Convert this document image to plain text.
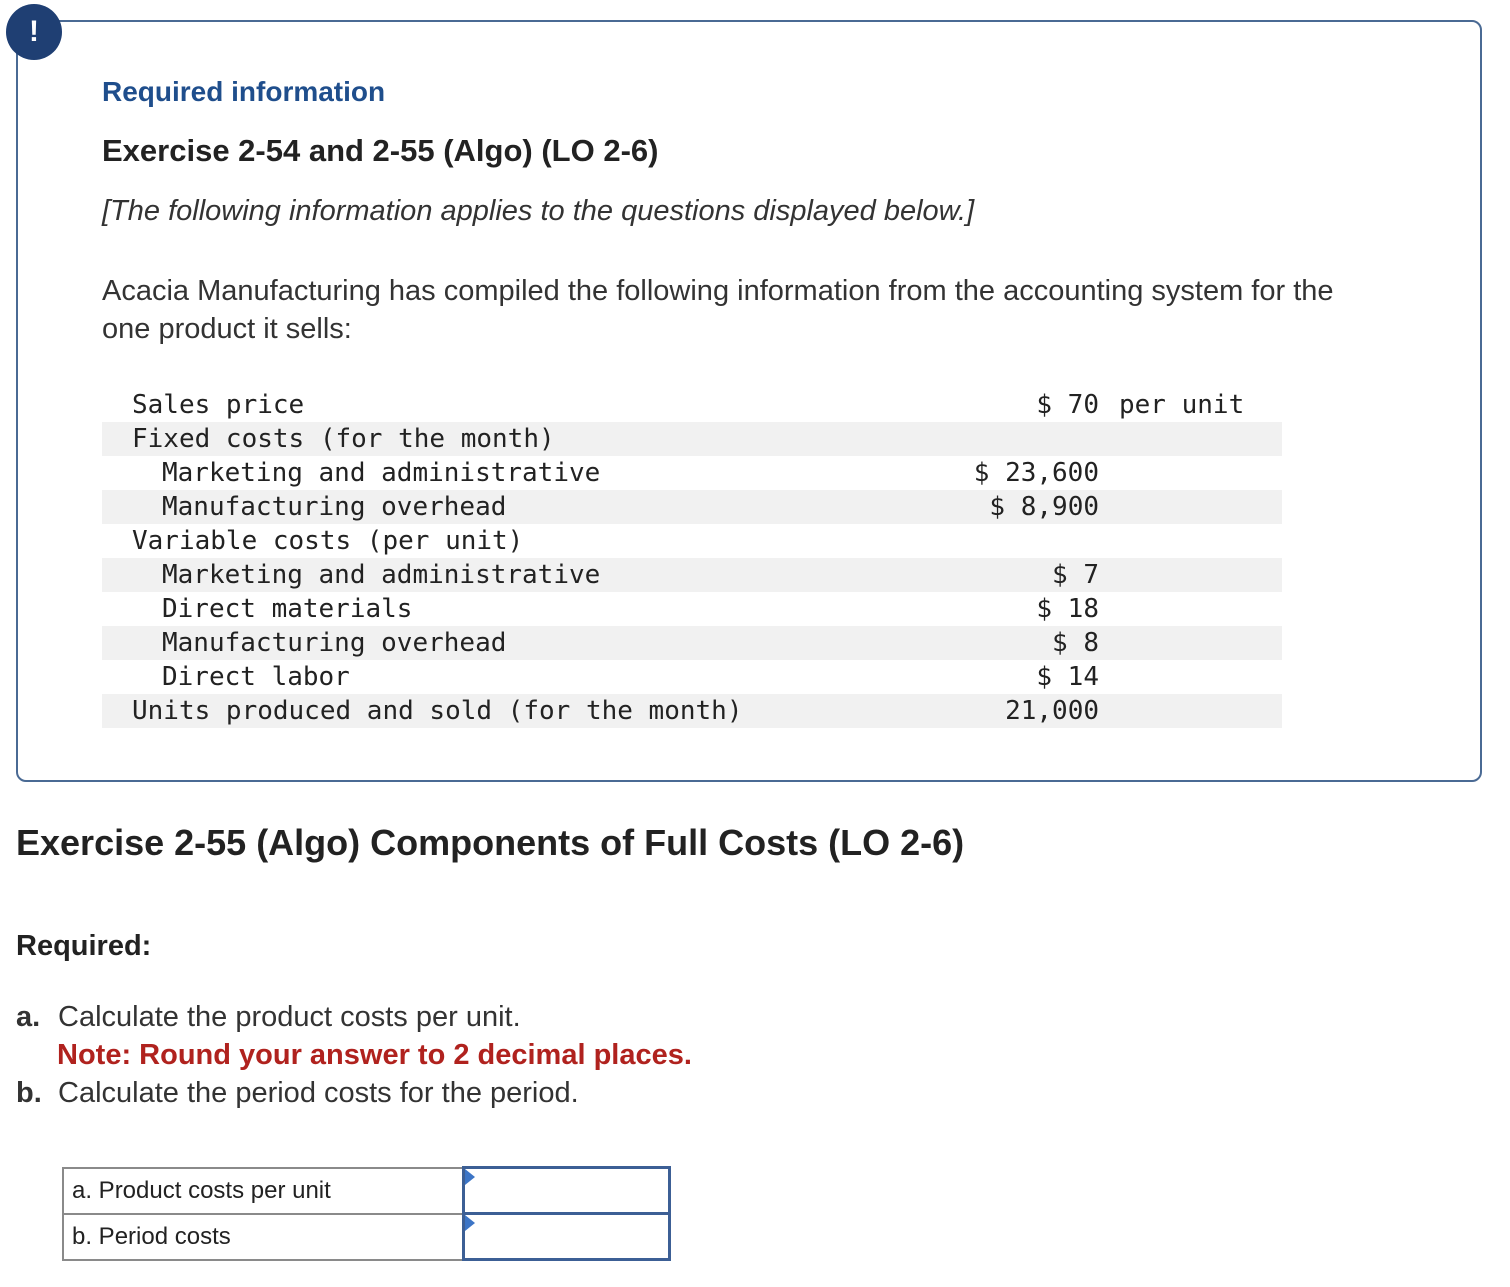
!
Required information
Exercise 2-54 and 2-55 (Algo) (LO 2-6)
[The following information applies to the questions displayed below.]
Acacia Manufacturing has compiled the following information from the accounting system for the one product it sells:
Sales price	$ 70 per unit
Fixed costs (for the month)
Marketing and administrative	$ 23,600
Manufacturing overhead	$ 8,900
Variable costs (per unit)
Marketing and administrative	$ 7
Direct materials	$ 18
Manufacturing overhead	$ 8
Direct labor	$ 14
Units produced and sold (for the month)	21,000
Exercise 2-55 (Algo) Components of Full Costs (LO 2-6)
Required:
a. Calculate the product costs per unit.
Note: Round your answer to 2 decimal places.
b. Calculate the period costs for the period.
a. Product costs per unit	

b. Period costs	
